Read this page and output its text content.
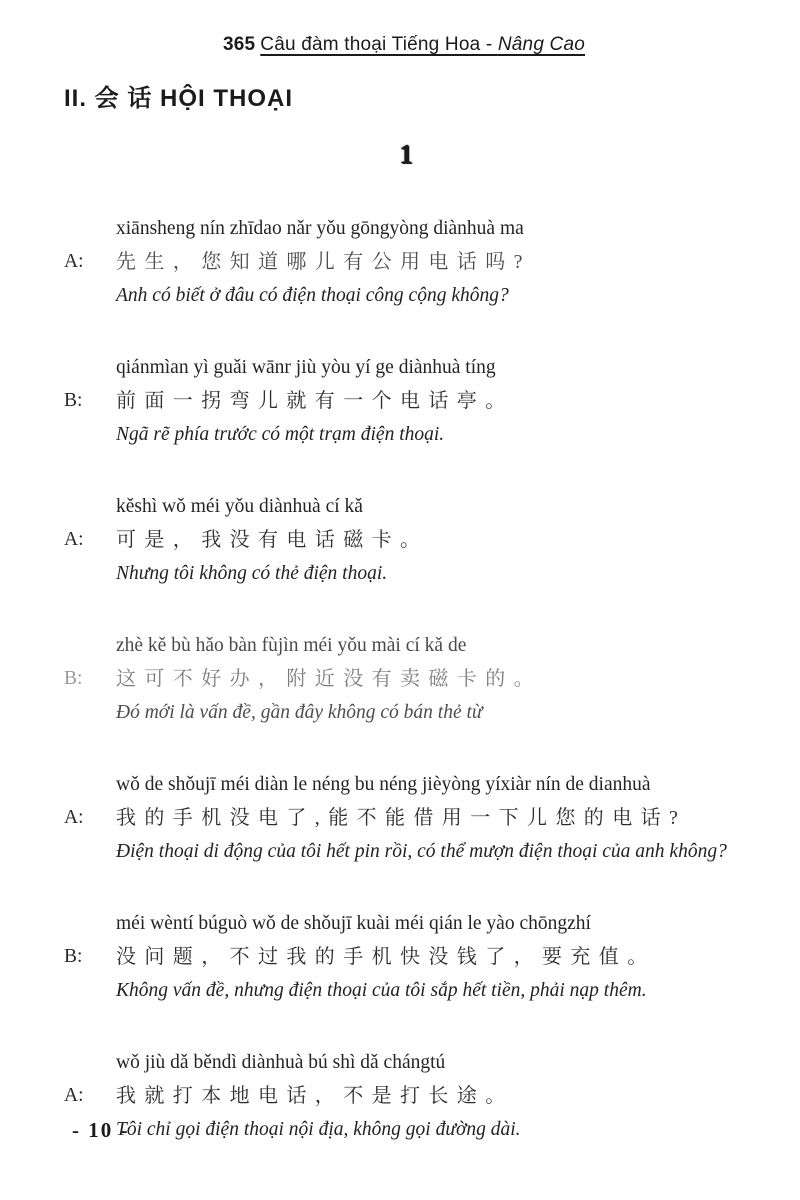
365 Câu đàm thoại Tiếng Hoa - Nâng Cao
II. 会 话 HỘI THOẠI
1
xiānsheng nín zhīdao nǎr yǒu gōngyòng diànhuà ma
A:	先生，您知道哪儿有公用电话吗?
Anh có biết ở đâu có điện thoại công cộng không?
qiánmìan yì guǎi wānr jiù yòu yí ge diànhuà tíng
B:	前面一拐弯儿就有一个电话亭。
Ngã rẽ phía trước có một trạm điện thoại.
kěshì wǒ méi yǒu diànhuà cí kǎ
A:	可是，我没有电话磁卡。
Nhưng tôi không có thẻ điện thoại.
zhè kě bù hǎo bàn fùjìn méi yǒu mài cí kǎ de
B:	这可不好办，附近没有卖磁卡的。
Đó mới là vấn đề, gần đây không có bán thẻ từ
wǒ de shǒujī méi diàn le néng bu néng jièyòng yíxiàr nín de dianhuà
A:	我的手机没电了,能不能借用一下儿您的电话?
Điện thoại di động của tôi hết pin rồi, có thể mượn điện thoại của anh không?
méi wèntí búguò wǒ de shǒujī kuài méi qián le yào chōngzhí
B:	没问题，不过我的手机快没钱了，要充值。
Không vấn đề, nhưng điện thoại của tôi sắp hết tiền, phải nạp thêm.
wǒ jiù dǎ běndì diànhuà bú shì dǎ chángtú
A:	我就打本地电话，不是打长途。
Tôi chỉ gọi điện thoại nội địa, không gọi đường dài.
- 10 -
